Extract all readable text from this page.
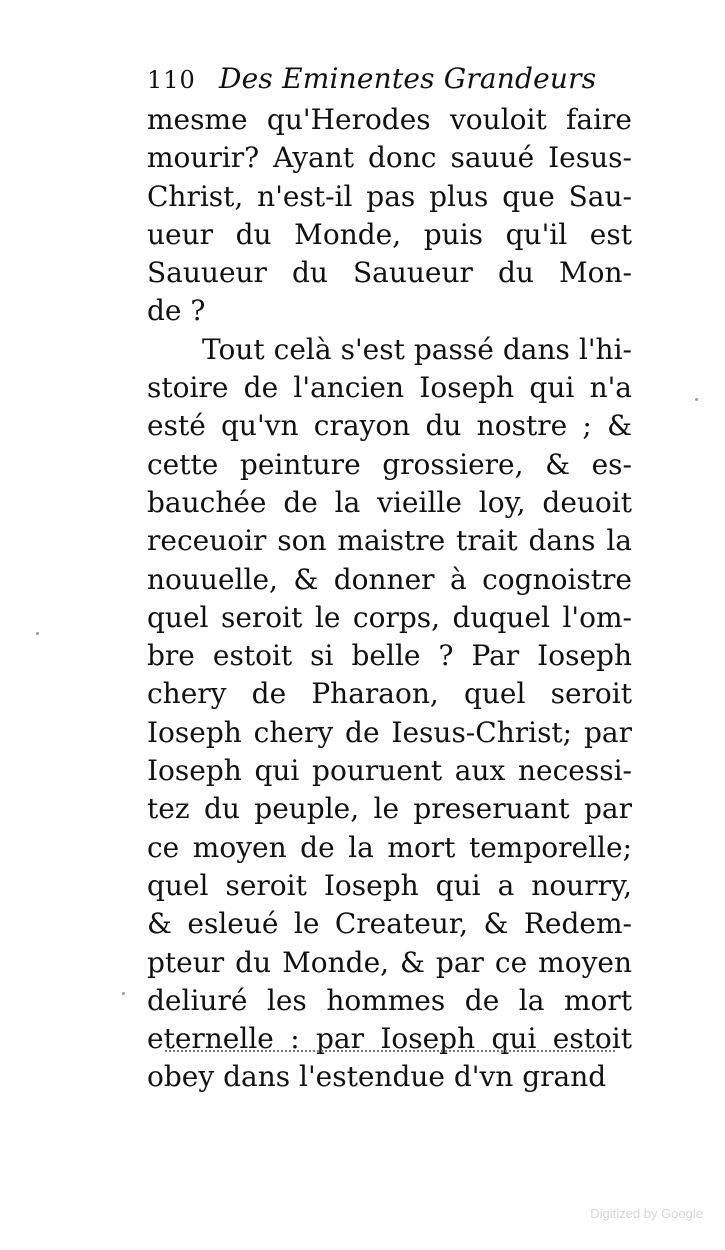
110 Des Eminentes Grandeurs
mesme qu'Herodes vouloit faire
mourir? Ayant donc sauué Iesus-
Christ, n'est-il pas plus que Sau-
ueur du Monde, puis qu'il est
Sauueur du Sauueur du Mon-
de ?
Tout celà s'est passé dans l'hi-
stoire de l'ancien Ioseph qui n'a
esté qu'vn crayon du nostre ; &
cette peinture grossiere, & es-
bauchée de la vieille loy, deuoit
receuoir son maistre trait dans la
nouuelle, & donner à cognoistre
quel seroit le corps, duquel l'om-
bre estoit si belle ? Par Ioseph
chery de Pharaon, quel seroit
Ioseph chery de Iesus-Christ; par
Ioseph qui pouruent aux necessi-
tez du peuple, le preseruant par
ce moyen de la mort temporelle;
quel seroit Ioseph qui a nourry,
& esleué le Createur, & Redem-
pteur du Monde, & par ce moyen
deliuré les hommes de la mort
eternelle : par Ioseph qui estoit
obey dans l'estendue d'vn grand
Digitized by Google
